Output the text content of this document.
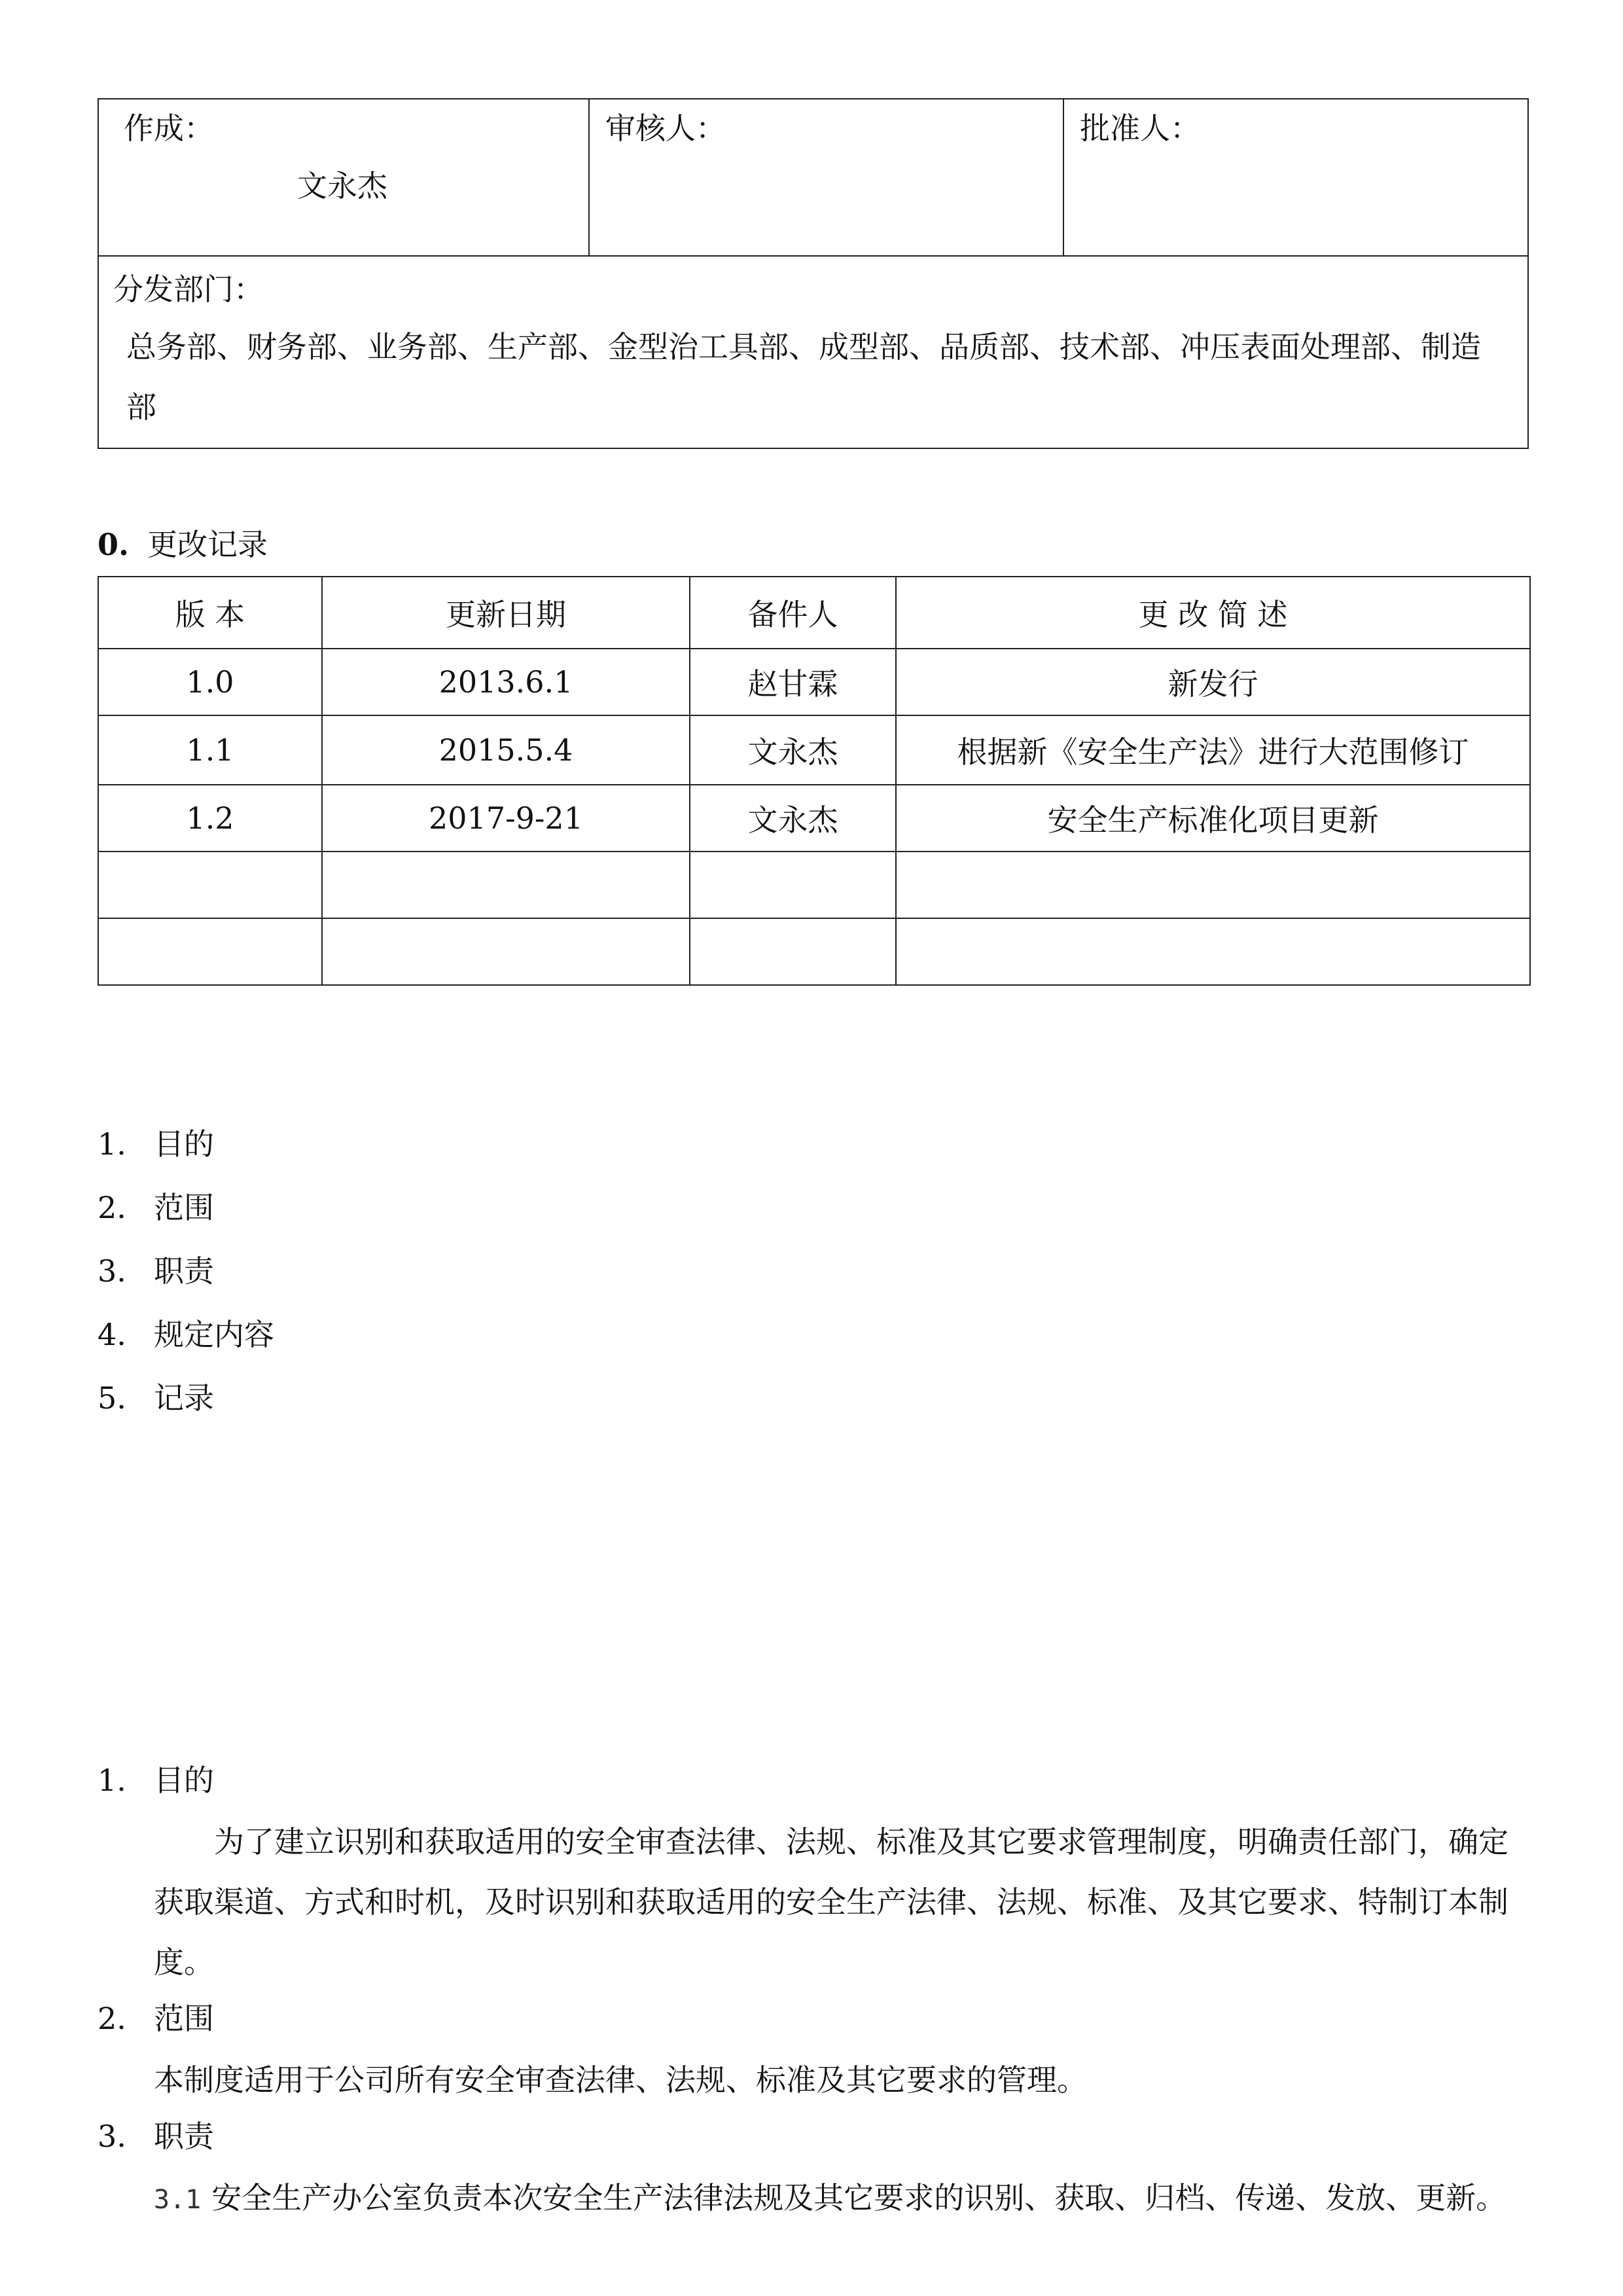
作成：
文永杰

审核人：	批准人：

分发部门：
总务部、财务部、业务部、生产部、金型治工具部、成型部、品质部、技术部、冲压表面处理部、制造部
0. 更改记录
版 本	更新日期	备件人	更 改 简 述
1.0	2013.6.1	赵甘霖	新发行
1.1	2015.5.4	文永杰	根据新《安全生产法》进行大范围修订
1.2	2017-9-21	文永杰	安全生产标准化项目更新

1. 目的
2. 范围
3. 职责
4. 规定内容
5. 记录
1. 目的
为了建立识别和获取适用的安全审查法律、法规、标准及其它要求管理制度，明确责任部门，确定获取渠道、方式和时机，及时识别和获取适用的安全生产法律、法规、标准、及其它要求、特制订本制度。
2. 范围
本制度适用于公司所有安全审查法律、法规、标准及其它要求的管理。
3. 职责
3.1 安全生产办公室负责本次安全生产法律法规及其它要求的识别、获取、归档、传递、发放、更新。
